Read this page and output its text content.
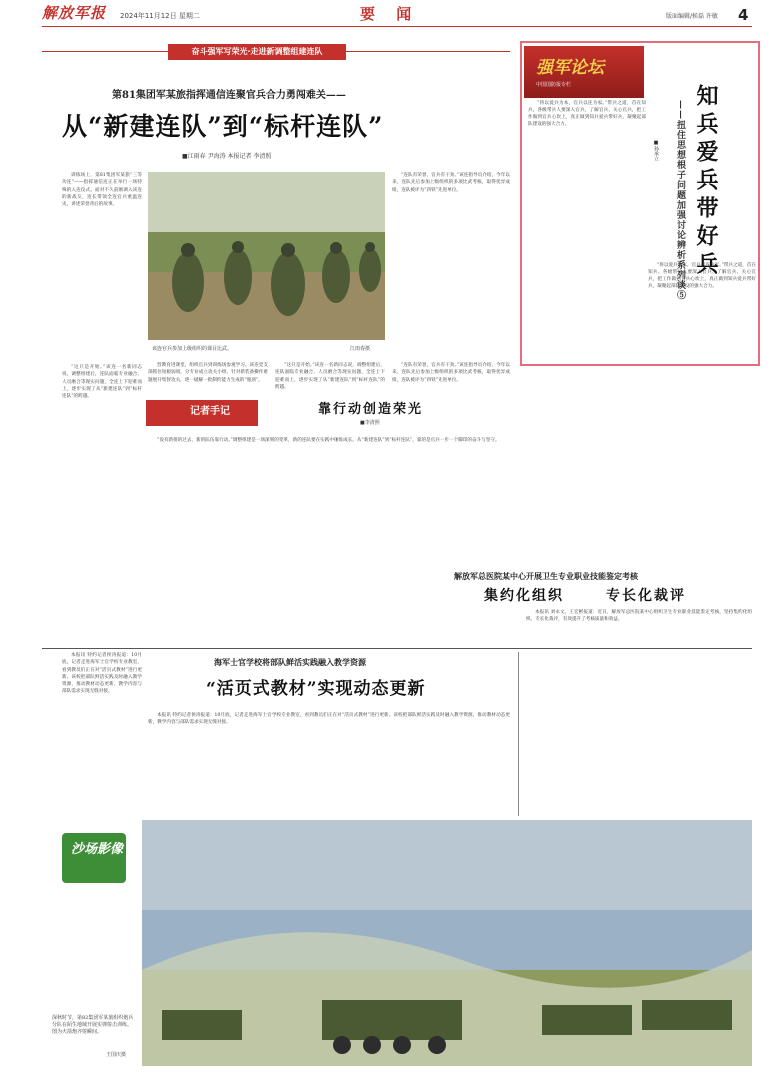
解放军报 2024年11月12日 星期二	要 闻	版面编辑/候磊 许敏 4
奋斗强军写荣光·走进新调整组建连队
第81集团军某旅指挥通信连聚官兵合力勇闯难关——
从“新建连队”到“标杆连队”
■江雨春 尹海涛 本报记者 李清照

训练场上，第81集团军某旅“三等功连”——指挥通信连正在举行一场特殊的入连仪式。面对不久前刚调入该连的新战友，连长带领全连官兵重温连史，讲述荣誉背后的故事。

“这只是开始。”该连一名新同志说，调整组建后，连队面临专业融合、人员磨合等现实问题，全连上下迎难而上，逐步实现了从“新建连队”到“标杆连队”的跨越。

该连官兵参加上级组织的课目比武。	江雨春摄

“连队有荣誉，官兵有干劲。”该连指导员介绍，今年以来，连队先后参加上级组织的多项比武考核，取得优异成绩，连队被评为“四铁”先进单位。

营教育进课堂，组织官兵到训练场参观学习。该连党支部抓住短板弱项，分专业成立攻关小组，针对新装备操作难题展开集智攻关，逐一破解一批制约能力生成的“瓶颈”。

“这只是开始。”该连一名新同志说，调整组建后，连队面临专业融合、人员磨合等现实问题，全连上下迎难而上，逐步实现了从“新建连队”到“标杆连队”的跨越。

“连队有荣誉，官兵有干劲。”该连指导员介绍，今年以来，连队先后参加上级组织的多项比武考核，取得优异成绩，连队被评为“四铁”先进单位。

记者手记	靠行动创造荣光
■李清照

“没有新排的过去，新的队伍靠行动。”调整组建是一场深刻的变革，新的连队要在实践中锤炼成长。从“新建连队”到“标杆连队”，靠的是官兵一步一个脚印的奋斗与坚守。

强军论坛
中国国防报专栏	知兵爱兵带好兵
——扭住思想根子问题加强讨论辨析系列谈⑤
■孙承立

“将以爱兵为本，官兵以连为家。”带兵之道，首在知兵。各级带兵人要深入官兵、了解官兵、关心官兵，把工作做到官兵心坎上，真正做到知兵爱兵带好兵，凝聚起部队建设的强大合力。

“将以爱兵为本，官兵以连为家。”带兵之道，首在知兵。各级带兵人要深入官兵、了解官兵、关心官兵，把工作做到官兵心坎上，真正做到知兵爱兵带好兵，凝聚起部队建设的强大合力。

解放军总医院某中心开展卫生专业职业技能鉴定考核
集约化组织	专长化裁评

本报讯 刘永文、王宏彬报道：近日，解放军总医院某中心组织卫生专业职业技能鉴定考核，坚持集约化组织、专长化裁评，有效提升了考核质量和效益。

本报讯 特约记者侯涛报道：10月底，记者走进海军士官学校专业教室，看到教员们正在对“活页式教材”进行更新。该校把部队鲜活实践及时融入教学资源，推动教材动态更新，教学内容与部队需求实现无缝对接。

海军士官学校将部队鲜活实践融入教学资源
“活页式教材”实现动态更新

本报讯 特约记者侯涛报道：10月底，记者走进海军士官学校专业教室，看到教员们正在对“活页式教材”进行更新。该校把部队鲜活实践及时融入教学资源，推动教材动态更新，教学内容与部队需求实现无缝对接。

沙场影像
深秋时节，第82集团军某旅组织炮兵分队在陌生地域开展实弹射击训练。图为火箭炮齐射瞬间。
王国庆摄
